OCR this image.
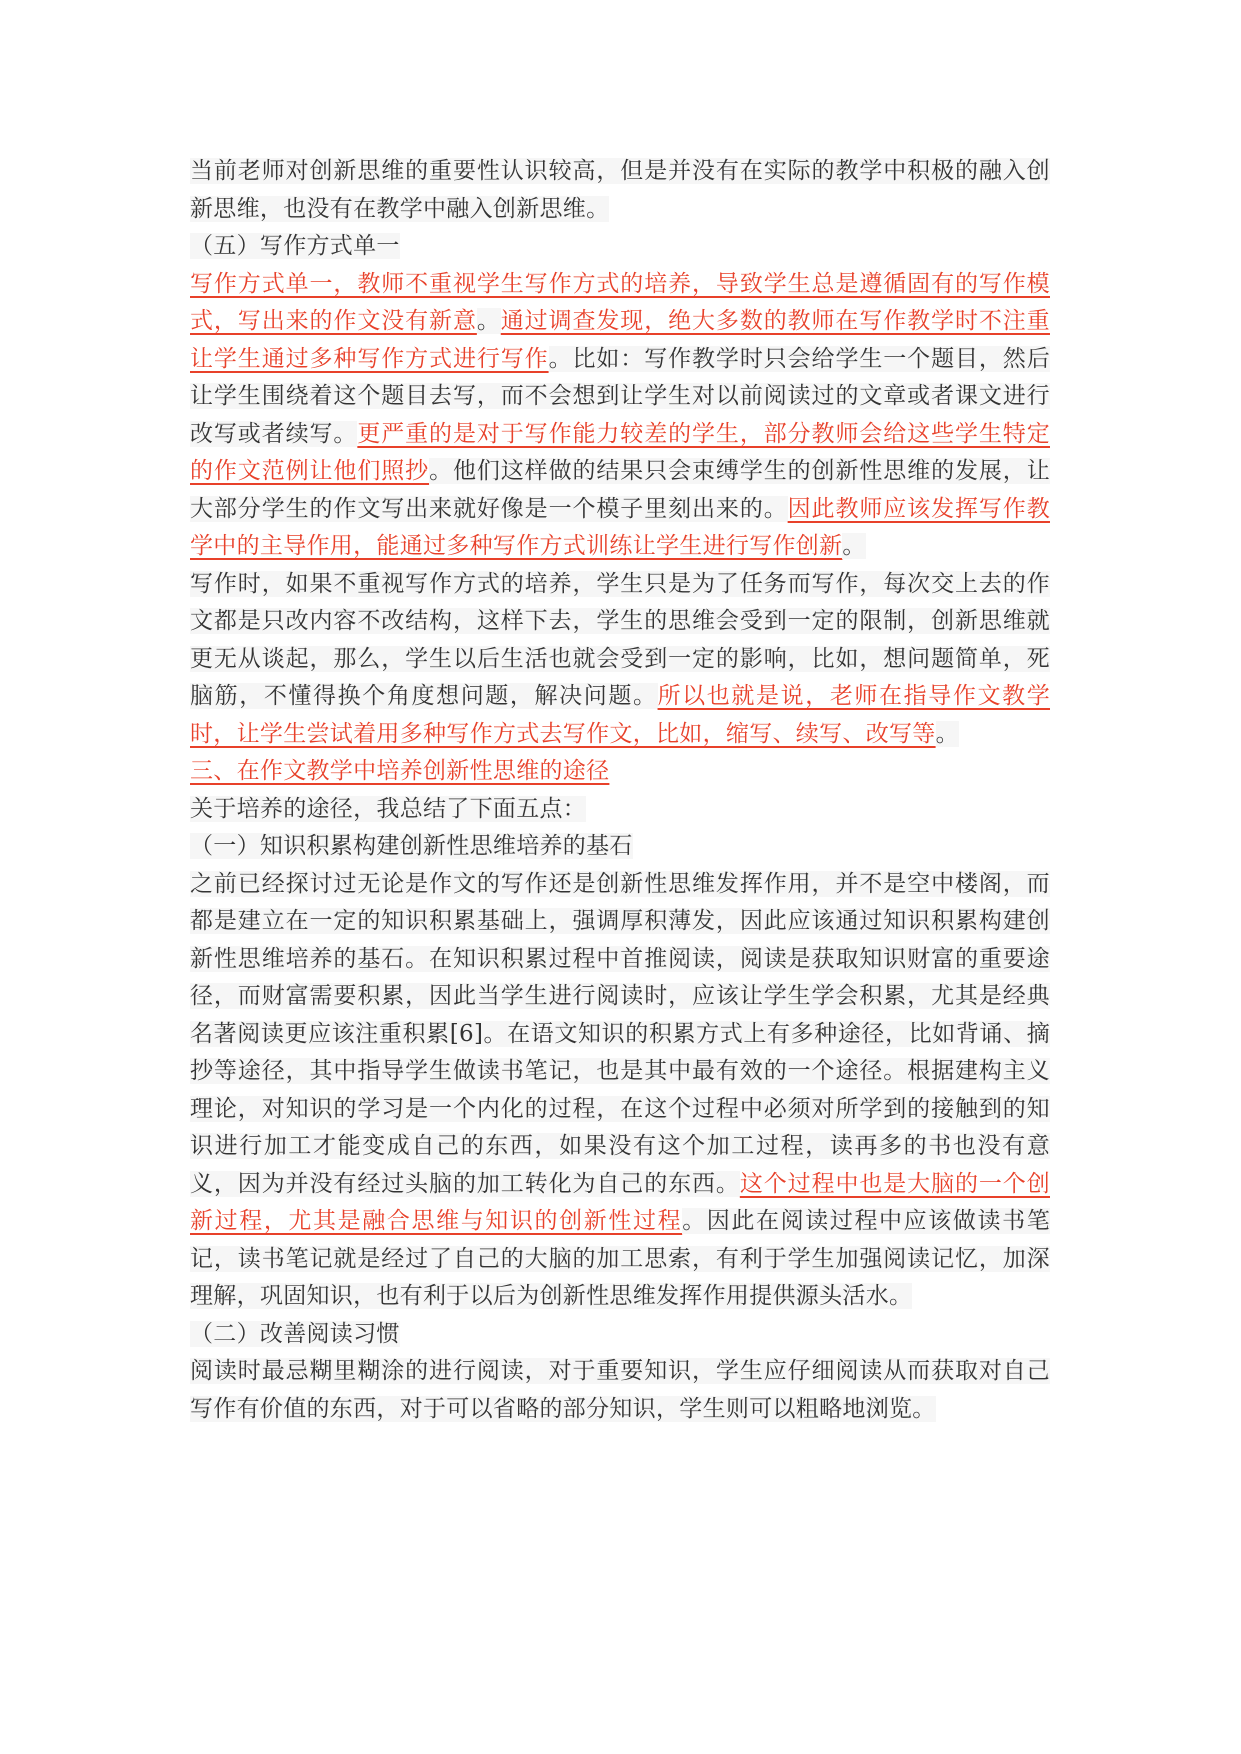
当前老师对创新思维的重要性认识较高，但是并没有在实际的教学中积极的融入创新思维，也没有在教学中融入创新思维。

（五）写作方式单一

写作方式单一，教师不重视学生写作方式的培养，导致学生总是遵循固有的写作模式，写出来的作文没有新意。通过调查发现，绝大多数的教师在写作教学时不注重让学生通过多种写作方式进行写作。比如：写作教学时只会给学生一个题目，然后让学生围绕着这个题目去写，而不会想到让学生对以前阅读过的文章或者课文进行改写或者续写。更严重的是对于写作能力较差的学生，部分教师会给这些学生特定的作文范例让他们照抄。他们这样做的结果只会束缚学生的创新性思维的发展，让大部分学生的作文写出来就好像是一个模子里刻出来的。因此教师应该发挥写作教学中的主导作用，能通过多种写作方式训练让学生进行写作创新。

写作时，如果不重视写作方式的培养，学生只是为了任务而写作，每次交上去的作文都是只改内容不改结构，这样下去，学生的思维会受到一定的限制，创新思维就更无从谈起，那么，学生以后生活也就会受到一定的影响，比如，想问题简单，死脑筋，不懂得换个角度想问题，解决问题。所以也就是说，老师在指导作文教学时，让学生尝试着用多种写作方式去写作文，比如，缩写、续写、改写等。

三、在作文教学中培养创新性思维的途径

关于培养的途径，我总结了下面五点：

（一）知识积累构建创新性思维培养的基石

之前已经探讨过无论是作文的写作还是创新性思维发挥作用，并不是空中楼阁，而都是建立在一定的知识积累基础上，强调厚积薄发，因此应该通过知识积累构建创新性思维培养的基石。在知识积累过程中首推阅读，阅读是获取知识财富的重要途径，而财富需要积累，因此当学生进行阅读时，应该让学生学会积累，尤其是经典名著阅读更应该注重积累[6]。在语文知识的积累方式上有多种途径，比如背诵、摘抄等途径，其中指导学生做读书笔记，也是其中最有效的一个途径。根据建构主义理论，对知识的学习是一个内化的过程，在这个过程中必须对所学到的接触到的知识进行加工才能变成自己的东西，如果没有这个加工过程，读再多的书也没有意义，因为并没有经过头脑的加工转化为自己的东西。这个过程中也是大脑的一个创新过程，尤其是融合思维与知识的创新性过程。因此在阅读过程中应该做读书笔记，读书笔记就是经过了自己的大脑的加工思索，有利于学生加强阅读记忆，加深理解，巩固知识，也有利于以后为创新性思维发挥作用提供源头活水。

（二）改善阅读习惯

阅读时最忌糊里糊涂的进行阅读，对于重要知识，学生应仔细阅读从而获取对自己写作有价值的东西，对于可以省略的部分知识，学生则可以粗略地浏览。
